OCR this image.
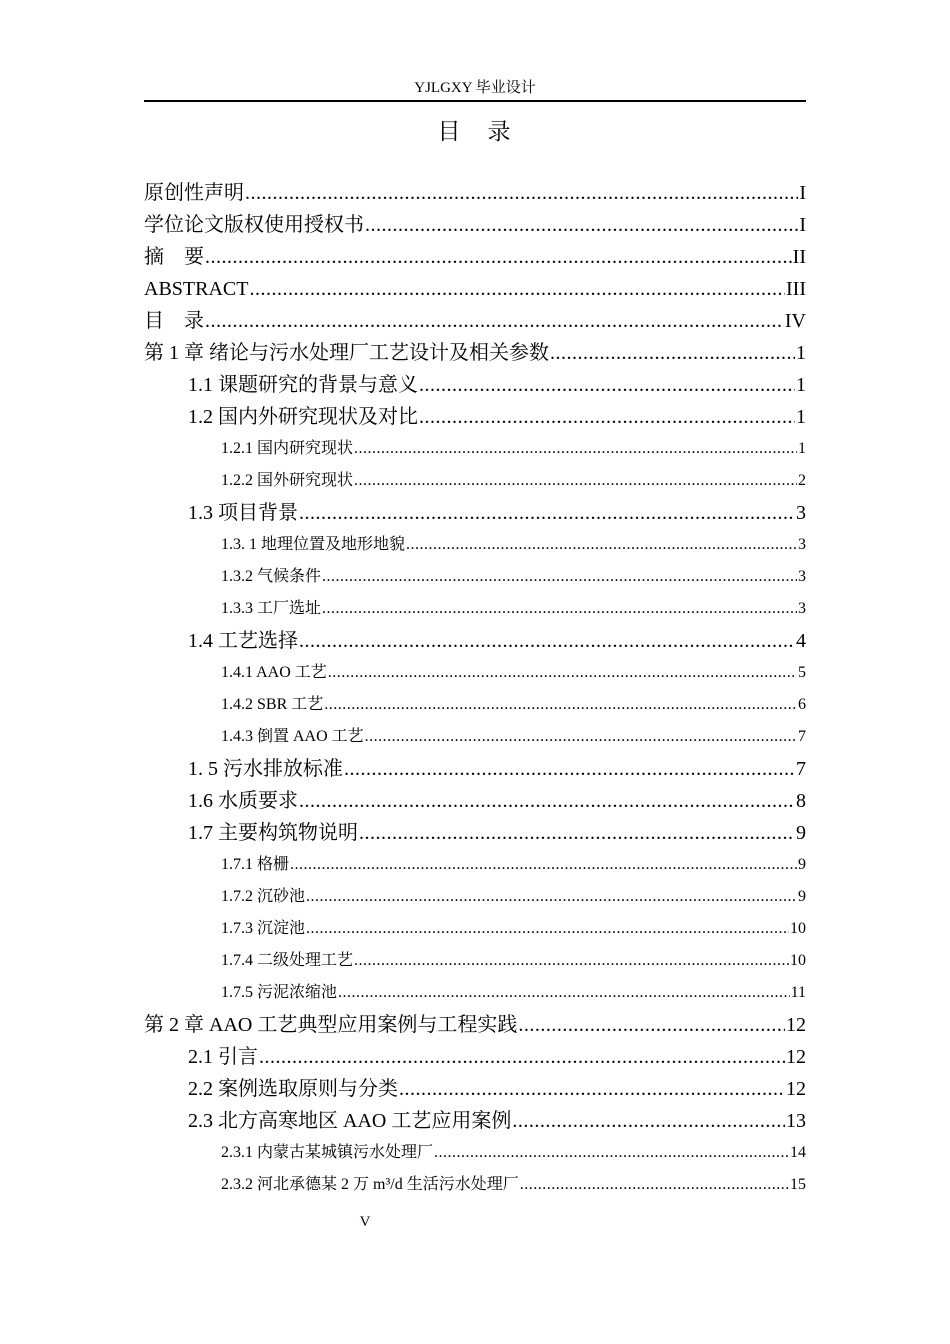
YJLGXY 毕业设计
目　录
原创性声明 .....	I
学位论文版权使用授权书 .....	I
摘　要 .....	II
ABSTRACT .....	III
目　录 .....	IV
第 1 章 绪论与污水处理厂工艺设计及相关参数 .....	1
1.1 课题研究的背景与意义 .....	1
1.2 国内外研究现状及对比 .....	1
1.2.1 国内研究现状 .....	1
1.2.2 国外研究现状 .....	2
1.3 项目背景 .....	3
1.3. 1 地理位置及地形地貌 .....	3
1.3.2 气候条件 .....	3
1.3.3 工厂选址 .....	3
1.4 工艺选择 .....	4
1.4.1 AAO 工艺 .....	5
1.4.2 SBR 工艺 .....	6
1.4.3 倒置 AAO 工艺 .....	7
1. 5 污水排放标准 .....	7
1.6 水质要求 .....	8
1.7 主要构筑物说明 .....	9
1.7.1 格栅 .....	9
1.7.2 沉砂池 .....	9
1.7.3 沉淀池 .....	10
1.7.4 二级处理工艺 .....	10
1.7.5 污泥浓缩池 .....	11
第 2 章 AAO 工艺典型应用案例与工程实践 .....	12
2.1 引言 .....	12
2.2 案例选取原则与分类 .....	12
2.3 北方高寒地区 AAO 工艺应用案例 .....	13
2.3.1 内蒙古某城镇污水处理厂 .....	14
2.3.2 河北承德某 2 万 m³/d 生活污水处理厂 .....	15
V
